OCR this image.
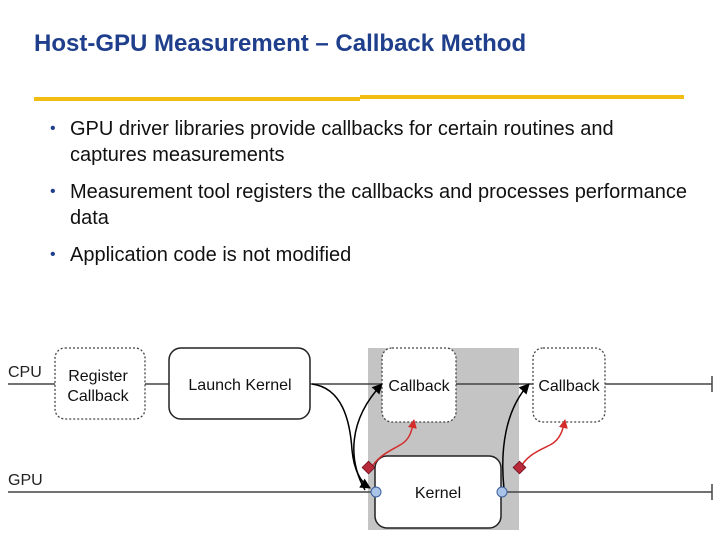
Host-GPU Measurement – Callback Method
• GPU driver libraries provide callbacks for certain routines and captures measurements
• Measurement tool registers the callbacks and processes performance data
• Application code is not modified
CPU
GPU
Register
Callback
Launch Kernel	Callback	Callback
Kernel
